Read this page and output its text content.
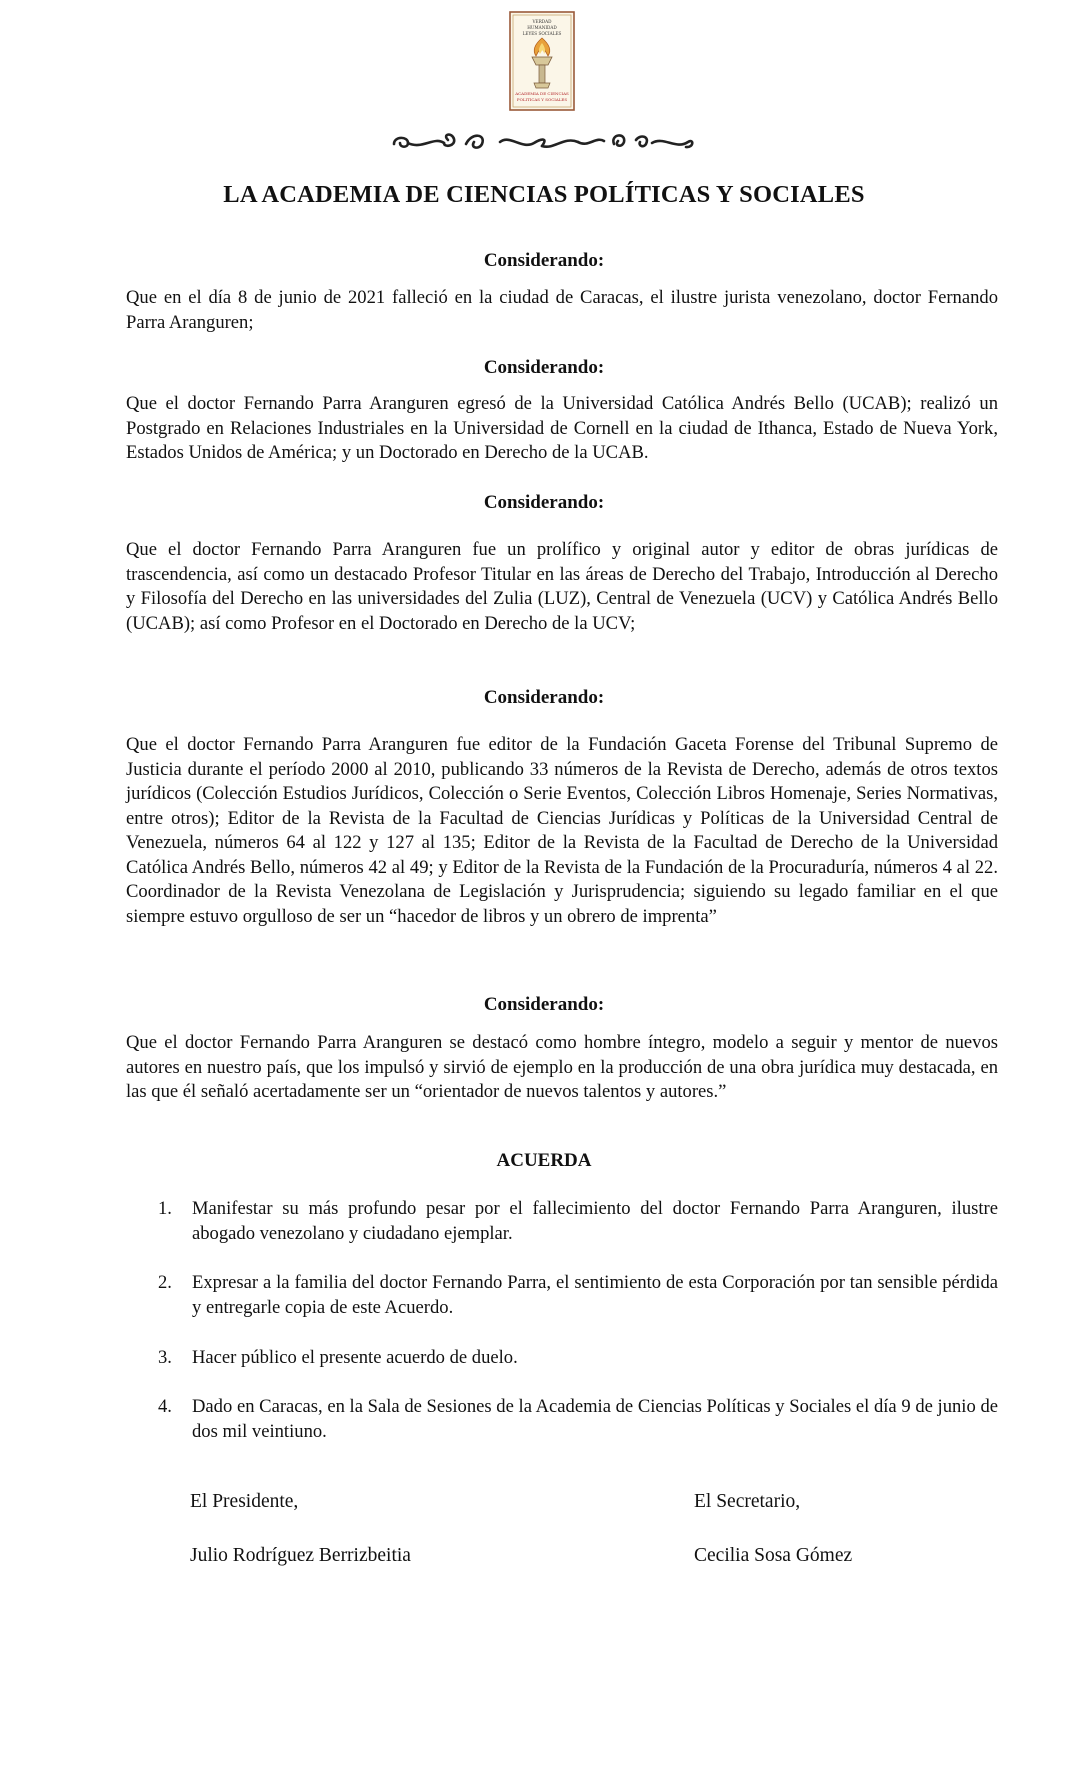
VERDAD
HUMANIDAD
LEYES SOCIALES
ACADEMIA DE CIENCIAS
POLITICAS Y SOCIALES
LA ACADEMIA DE CIENCIAS POLÍTICAS Y SOCIALES
Considerando:

Que en el día 8 de junio de 2021 falleció en la ciudad de Caracas, el ilustre jurista venezolano, doctor Fernando Parra Aranguren;

Considerando:

Que el doctor Fernando Parra Aranguren egresó de la Universidad Católica Andrés Bello (UCAB); realizó un Postgrado en Relaciones Industriales en la Universidad de Cornell en la ciudad de Ithanca, Estado de Nueva York, Estados Unidos de América; y un Doctorado en Derecho de la UCAB.

Considerando:

Que el doctor Fernando Parra Aranguren fue un prolífico y original autor y editor de obras jurídicas de trascendencia, así como un destacado Profesor Titular en las áreas de Derecho del Trabajo, Introducción al Derecho y Filosofía del Derecho en las universidades del Zulia (LUZ), Central de Venezuela (UCV) y Católica Andrés Bello (UCAB); así como Profesor en el Doctorado en Derecho de la UCV;

Considerando:

Que el doctor Fernando Parra Aranguren fue editor de la Fundación Gaceta Forense del Tribunal Supremo de Justicia durante el período 2000 al 2010, publicando 33 números de la Revista de Derecho, además de otros textos jurídicos (Colección Estudios Jurídicos, Colección o Serie Eventos, Colección Libros Homenaje, Series Normativas, entre otros); Editor de la Revista de la Facultad de Ciencias Jurídicas y Políticas de la Universidad Central de Venezuela, números 64 al 122 y 127 al 135; Editor de la Revista de la Facultad de Derecho de la Universidad Católica Andrés Bello, números 42 al 49; y Editor de la Revista de la Fundación de la Procuraduría, números 4 al 22. Coordinador de la Revista Venezolana de Legislación y Jurisprudencia; siguiendo su legado familiar en el que siempre estuvo orgulloso de ser un “hacedor de libros y un obrero de imprenta”

Considerando:

Que el doctor Fernando Parra Aranguren se destacó como hombre íntegro, modelo a seguir y mentor de nuevos autores en nuestro país, que los impulsó y sirvió de ejemplo en la producción de una obra jurídica muy destacada, en las que él señaló acertadamente ser un “orientador de nuevos talentos y autores.”

ACUERDA
1. Manifestar su más profundo pesar por el fallecimiento del doctor Fernando Parra Aranguren, ilustre abogado venezolano y ciudadano ejemplar.
2. Expresar a la familia del doctor Fernando Parra, el sentimiento de esta Corporación por tan sensible pérdida y entregarle copia de este Acuerdo.
3. Hacer público el presente acuerdo de duelo.
4. Dado en Caracas, en la Sala de Sesiones de la Academia de Ciencias Políticas y Sociales el día 9 de junio de dos mil veintiuno.

El Presidente,	El Secretario,

Julio Rodríguez Berrizbeitia	Cecilia Sosa Gómez
